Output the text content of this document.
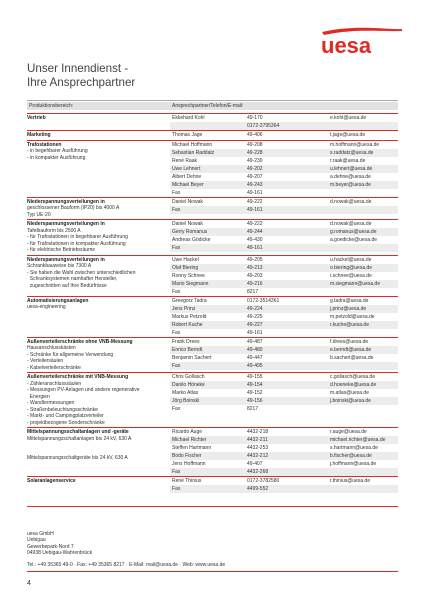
uesa
Unser Innendienst -
Ihre Ansprechpartner
Produktionsbereich:	Ansprechpartner/Telefon/E-mail:
Vertrieb	Ekkehard Kohl	49-170	e.kohl@uesa.de
0172-3795364
Marketing	Thomas Jage	49-406	t.jage@uesa.de
Trafostationen
- in begehbarer Ausführung
- in kompakter Ausführung
Michael Hoffmann	49-208	m.hoffmann@uesa.de
Sebastian Raddatz	49-228	s.raddatz@uesa.de
René Raak	49-230	r.raak@uesa.de
Uwe Lehnert	49-202	u.lehnert@uesa.de
Albert Dehne	49-207	a.dehne@uesa.de
Michael Beyer	49-243	m.beyer@uesa.de
Fax	49-161
Niederspannungsverteilungen in
geschlossener Bauform (IP20) bis 4000 A
Typ UE-20
Daniel Nowak	49-222	d.nowak@uesa.de
Fax	49-161
Niederspannungsverteilungen in
Tafelbauform bis 2500 A
- für Trafostationen in begehbarer Ausführung
- für Trafostationen in kompakter Ausführung
- für elektrische Betriebsräume
Daniel Nowak	49-222	d.nowak@uesa.de
Gerry Romanus	49-244	g.romanus@uesa.de
Andreas Gödicke	49-430	a.goedicke@uesa.de
Fax	49-161
Niederspannungsverteilungen in
Schrankbauweise bis 7300 A
- Sie haben die Wahl zwischen unterschiedlichen
Schranksystemen namhafter Hersteller,
zugeschnitten auf Ihre Bedürfnisse
Uwe Hackel	49-205	u.hackel@uesa.de
Olaf Biering	49-213	o.biering@uesa.de
Ronny Schnee	49-203	r.schnee@uesa.de
Mario Siegmann	49-216	m.siegmann@uesa.de
Fax	8217
Automatisierungsanlagen
uesa-engineering
Greegorz Tadra	0172-3514361	g.tadra@uesa.de
Jens Prinz	49-224	j.prinz@uesa.de
Markus Petzold	49-225	m.petzold@uesa.de
Robert Kuche	49-227	r.kuche@uesa.de
Fax	49-161
Außenverteilerschränke ohne VNB-Messung
Hausanschlusskästen
- Schränke für allgemeine Verwendung
- Verteilersäulen
- Kabelverteilerschränke
Frank Drees	49-487	f.drees@uesa.de
Enrico Berndt	49-480	e.berndt@uesa.de
Benjamin Sachert	49-447	b.sachert@uesa.de
Fax	49-495
Außenverteilerschränke mit VNB-Messung
- Zähleranschlusssäulen
- Messungen PV-Anlagen und andere regenerative
Energien
- Wandlermessungen
- Straßenbeleuchtungsschränke
- Markt- und Campingplatzverteiler
- projektbezogene Sonderschränke
Chris Gollasch	49-155	c.gollasch@uesa.de
Danilo Höneke	49-154	d.hoeneke@uesa.de
Marko Atlas	49-152	m.atlas@uesa.de
Jörg Boinski	49-156	j.boinski@uesa.de
Fax	8217
Mittelspannungsschaltanlagen und -geräte
Mittelspannungsschaltanlagen bis 24 kV, 630 A

Mittelspannungsschaltgeräte bis 24 kV, 630 A
Ricardo Auge	4432-218	r.auge@uesa.de
Michael Richter	4432-211	michael.richter@uesa.de
Steffen Hartmann	4432-253	s.hartmann@uesa.de
Bodo Fischer	4432-212	b.fischer@uesa.de
Jens Hoffmann	49-407	j.hoffmann@uesa.de
Fax	4432-268
Solaranlagenservice	René Thinius	0172-3782580	r.thinius@uesa.de
Fax	4499-552
uesa GmbH
Uebigau
Gewerbepark-Nord 7
04938 Uebigau-Wahrenbrück
Tel.: +49 35365 49-0 · Fax: +49 35365 8217 · E-Mail: mail@uesa.de · Web: www.uesa.de
4
